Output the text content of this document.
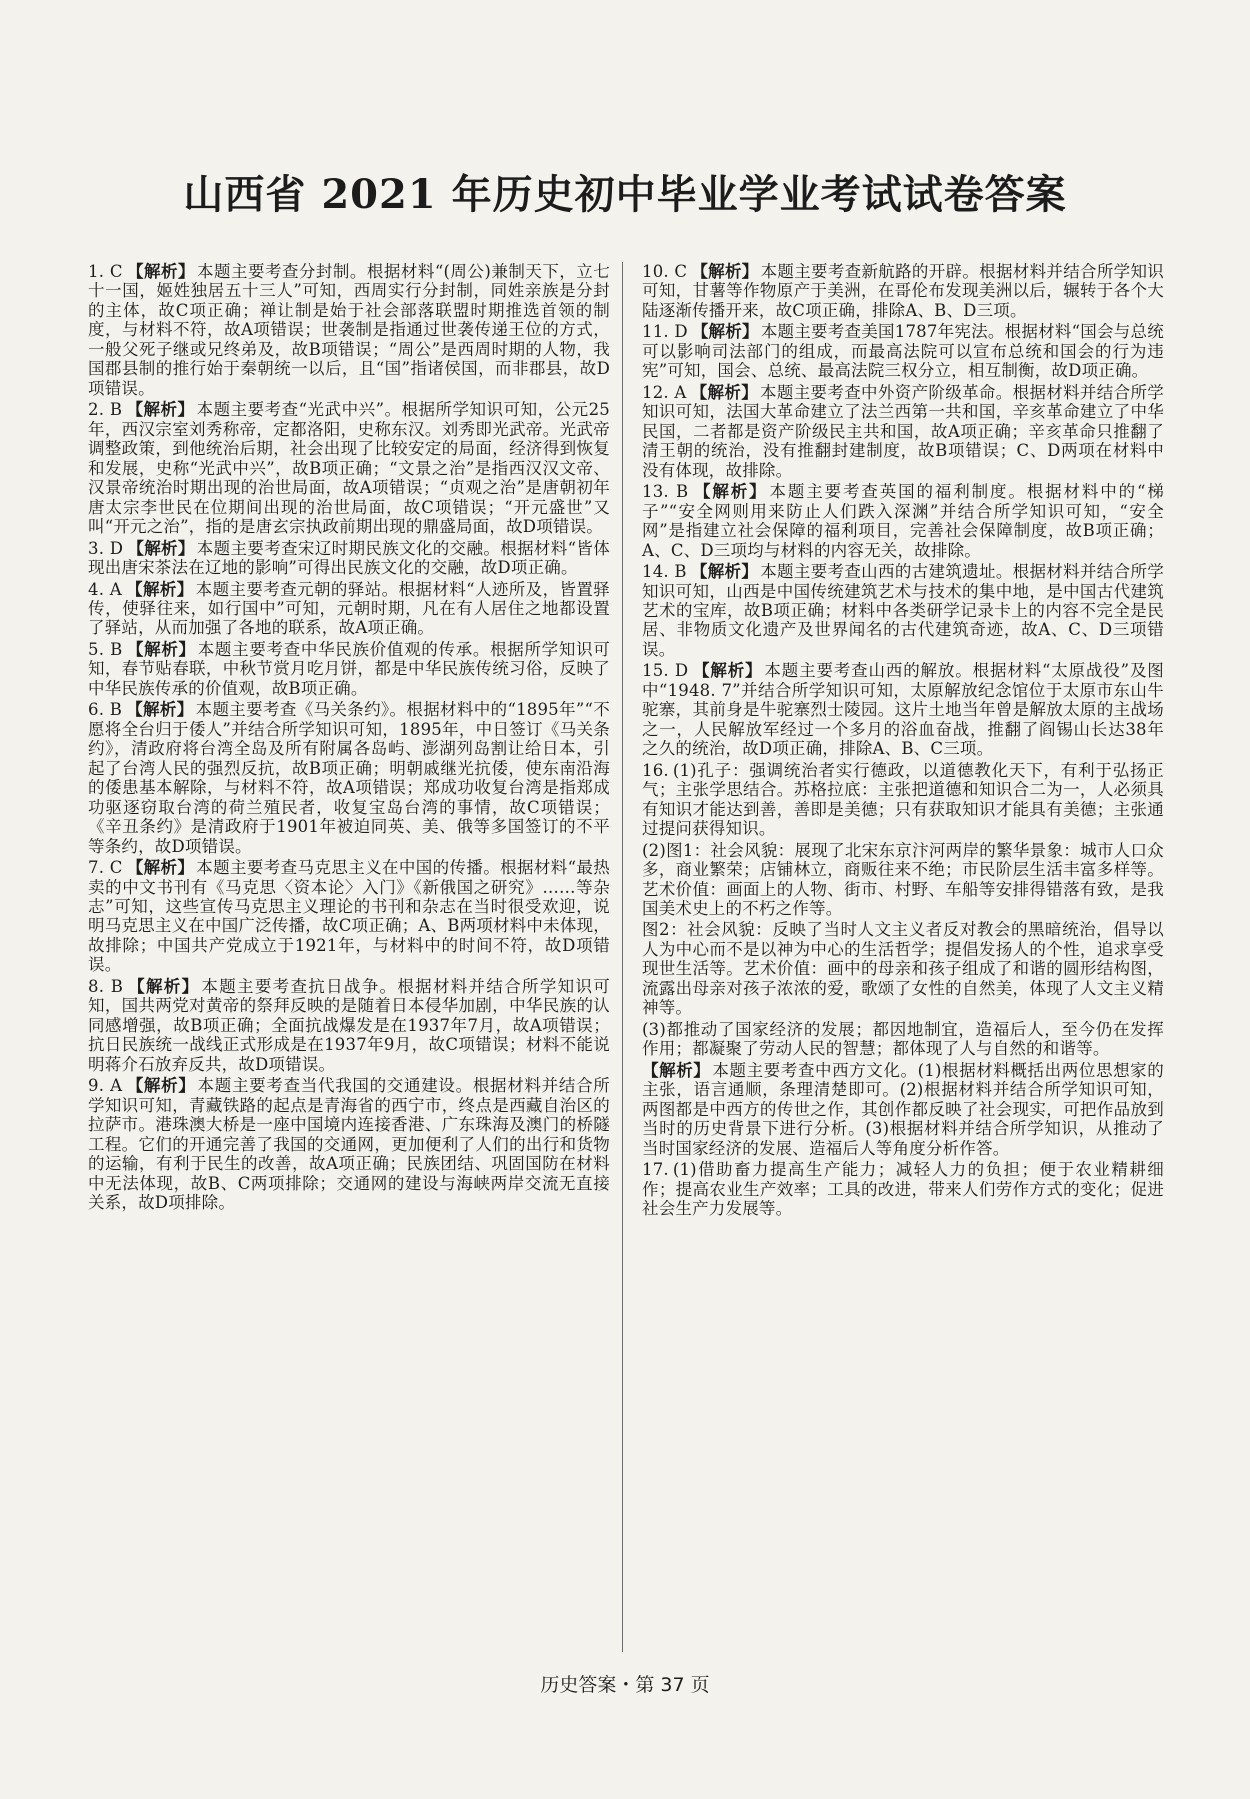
山西省 2021 年历史初中毕业学业考试试卷答案
1. C 【解析】 本题主要考查分封制。根据材料“(周公)兼制天下，立七十一国，姬姓独居五十三人”可知，西周实行分封制，同姓亲族是分封的主体，故C项正确；禅让制是始于社会部落联盟时期推选首领的制度，与材料不符，故A项错误；世袭制是指通过世袭传递王位的方式，一般父死子继或兄终弟及，故B项错误；“周公”是西周时期的人物，我国郡县制的推行始于秦朝统一以后，且“国”指诸侯国，而非郡县，故D项错误。
2. B 【解析】 本题主要考查“光武中兴”。根据所学知识可知，公元25年，西汉宗室刘秀称帝，定都洛阳，史称东汉。刘秀即光武帝。光武帝调整政策，到他统治后期，社会出现了比较安定的局面，经济得到恢复和发展，史称“光武中兴”，故B项正确；“文景之治”是指西汉汉文帝、汉景帝统治时期出现的治世局面，故A项错误；“贞观之治”是唐朝初年唐太宗李世民在位期间出现的治世局面，故C项错误；“开元盛世”又叫“开元之治”，指的是唐玄宗执政前期出现的鼎盛局面，故D项错误。
3. D 【解析】 本题主要考查宋辽时期民族文化的交融。根据材料“皆体现出唐宋茶法在辽地的影响”可得出民族文化的交融，故D项正确。
4. A 【解析】 本题主要考查元朝的驿站。根据材料“人迹所及，皆置驿传，使驿往来，如行国中”可知，元朝时期，凡在有人居住之地都设置了驿站，从而加强了各地的联系，故A项正确。
5. B 【解析】 本题主要考查中华民族价值观的传承。根据所学知识可知，春节贴春联，中秋节赏月吃月饼，都是中华民族传统习俗，反映了中华民族传承的价值观，故B项正确。
6. B 【解析】 本题主要考查《马关条约》。根据材料中的“1895年”“不愿将全台归于倭人”并结合所学知识可知，1895年，中日签订《马关条约》，清政府将台湾全岛及所有附属各岛屿、澎湖列岛割让给日本，引起了台湾人民的强烈反抗，故B项正确；明朝戚继光抗倭，使东南沿海的倭患基本解除，与材料不符，故A项错误；郑成功收复台湾是指郑成功驱逐窃取台湾的荷兰殖民者，收复宝岛台湾的事情，故C项错误；《辛丑条约》是清政府于1901年被迫同英、美、俄等多国签订的不平等条约，故D项错误。
7. C 【解析】 本题主要考查马克思主义在中国的传播。根据材料“最热卖的中文书刊有《马克思〈资本论〉入门》《新俄国之研究》……等杂志”可知，这些宣传马克思主义理论的书刊和杂志在当时很受欢迎，说明马克思主义在中国广泛传播，故C项正确；A、B两项材料中未体现，故排除；中国共产党成立于1921年，与材料中的时间不符，故D项错误。
8. B 【解析】 本题主要考查抗日战争。根据材料并结合所学知识可知，国共两党对黄帝的祭拜反映的是随着日本侵华加剧，中华民族的认同感增强，故B项正确；全面抗战爆发是在1937年7月，故A项错误；抗日民族统一战线正式形成是在1937年9月，故C项错误；材料不能说明蒋介石放弃反共，故D项错误。
9. A 【解析】 本题主要考查当代我国的交通建设。根据材料并结合所学知识可知，青藏铁路的起点是青海省的西宁市，终点是西藏自治区的拉萨市。港珠澳大桥是一座中国境内连接香港、广东珠海及澳门的桥隧工程。它们的开通完善了我国的交通网，更加便利了人们的出行和货物的运输，有利于民生的改善，故A项正确；民族团结、巩固国防在材料中无法体现，故B、C两项排除；交通网的建设与海峡两岸交流无直接关系，故D项排除。
10. C 【解析】 本题主要考查新航路的开辟。根据材料并结合所学知识可知，甘薯等作物原产于美洲，在哥伦布发现美洲以后，辗转于各个大陆逐渐传播开来，故C项正确，排除A、B、D三项。
11. D 【解析】 本题主要考查美国1787年宪法。根据材料“国会与总统可以影响司法部门的组成，而最高法院可以宣布总统和国会的行为违宪”可知，国会、总统、最高法院三权分立，相互制衡，故D项正确。
12. A 【解析】 本题主要考查中外资产阶级革命。根据材料并结合所学知识可知，法国大革命建立了法兰西第一共和国，辛亥革命建立了中华民国，二者都是资产阶级民主共和国，故A项正确；辛亥革命只推翻了清王朝的统治，没有推翻封建制度，故B项错误；C、D两项在材料中没有体现，故排除。
13. B 【解析】 本题主要考查英国的福利制度。根据材料中的“梯子”“安全网则用来防止人们跌入深渊”并结合所学知识可知，“安全网”是指建立社会保障的福利项目，完善社会保障制度，故B项正确；A、C、D三项均与材料的内容无关，故排除。
14. B 【解析】 本题主要考查山西的古建筑遗址。根据材料并结合所学知识可知，山西是中国传统建筑艺术与技术的集中地，是中国古代建筑艺术的宝库，故B项正确；材料中各类研学记录卡上的内容不完全是民居、非物质文化遗产及世界闻名的古代建筑奇迹，故A、C、D三项错误。
15. D 【解析】 本题主要考查山西的解放。根据材料“太原战役”及图中“1948. 7”并结合所学知识可知，太原解放纪念馆位于太原市东山牛驼寨，其前身是牛驼寨烈士陵园。这片土地当年曾是解放太原的主战场之一，人民解放军经过一个多月的浴血奋战，推翻了阎锡山长达38年之久的统治，故D项正确，排除A、B、C三项。
16. (1)孔子：强调统治者实行德政，以道德教化天下，有利于弘扬正气；主张学思结合。苏格拉底：主张把道德和知识合二为一，人必须具有知识才能达到善，善即是美德；只有获取知识才能具有美德；主张通过提问获得知识。
(2)图1：社会风貌：展现了北宋东京汴河两岸的繁华景象：城市人口众多，商业繁荣；店铺林立，商贩往来不绝；市民阶层生活丰富多样等。艺术价值：画面上的人物、街市、村野、车船等安排得错落有致，是我国美术史上的不朽之作等。
图2：社会风貌：反映了当时人文主义者反对教会的黑暗统治，倡导以人为中心而不是以神为中心的生活哲学；提倡发扬人的个性，追求享受现世生活等。艺术价值：画中的母亲和孩子组成了和谐的圆形结构图，流露出母亲对孩子浓浓的爱，歌颂了女性的自然美，体现了人文主义精神等。
(3)都推动了国家经济的发展；都因地制宜，造福后人，至今仍在发挥作用；都凝聚了劳动人民的智慧；都体现了人与自然的和谐等。
【解析】 本题主要考查中西方文化。(1)根据材料概括出两位思想家的主张，语言通顺，条理清楚即可。(2)根据材料并结合所学知识可知，两图都是中西方的传世之作，其创作都反映了社会现实，可把作品放到当时的历史背景下进行分析。(3)根据材料并结合所学知识，从推动了当时国家经济的发展、造福后人等角度分析作答。
17. (1)借助畜力提高生产能力；减轻人力的负担；便于农业精耕细作；提高农业生产效率；工具的改进，带来人们劳作方式的变化；促进社会生产力发展等。
历史答案・第 37 页
